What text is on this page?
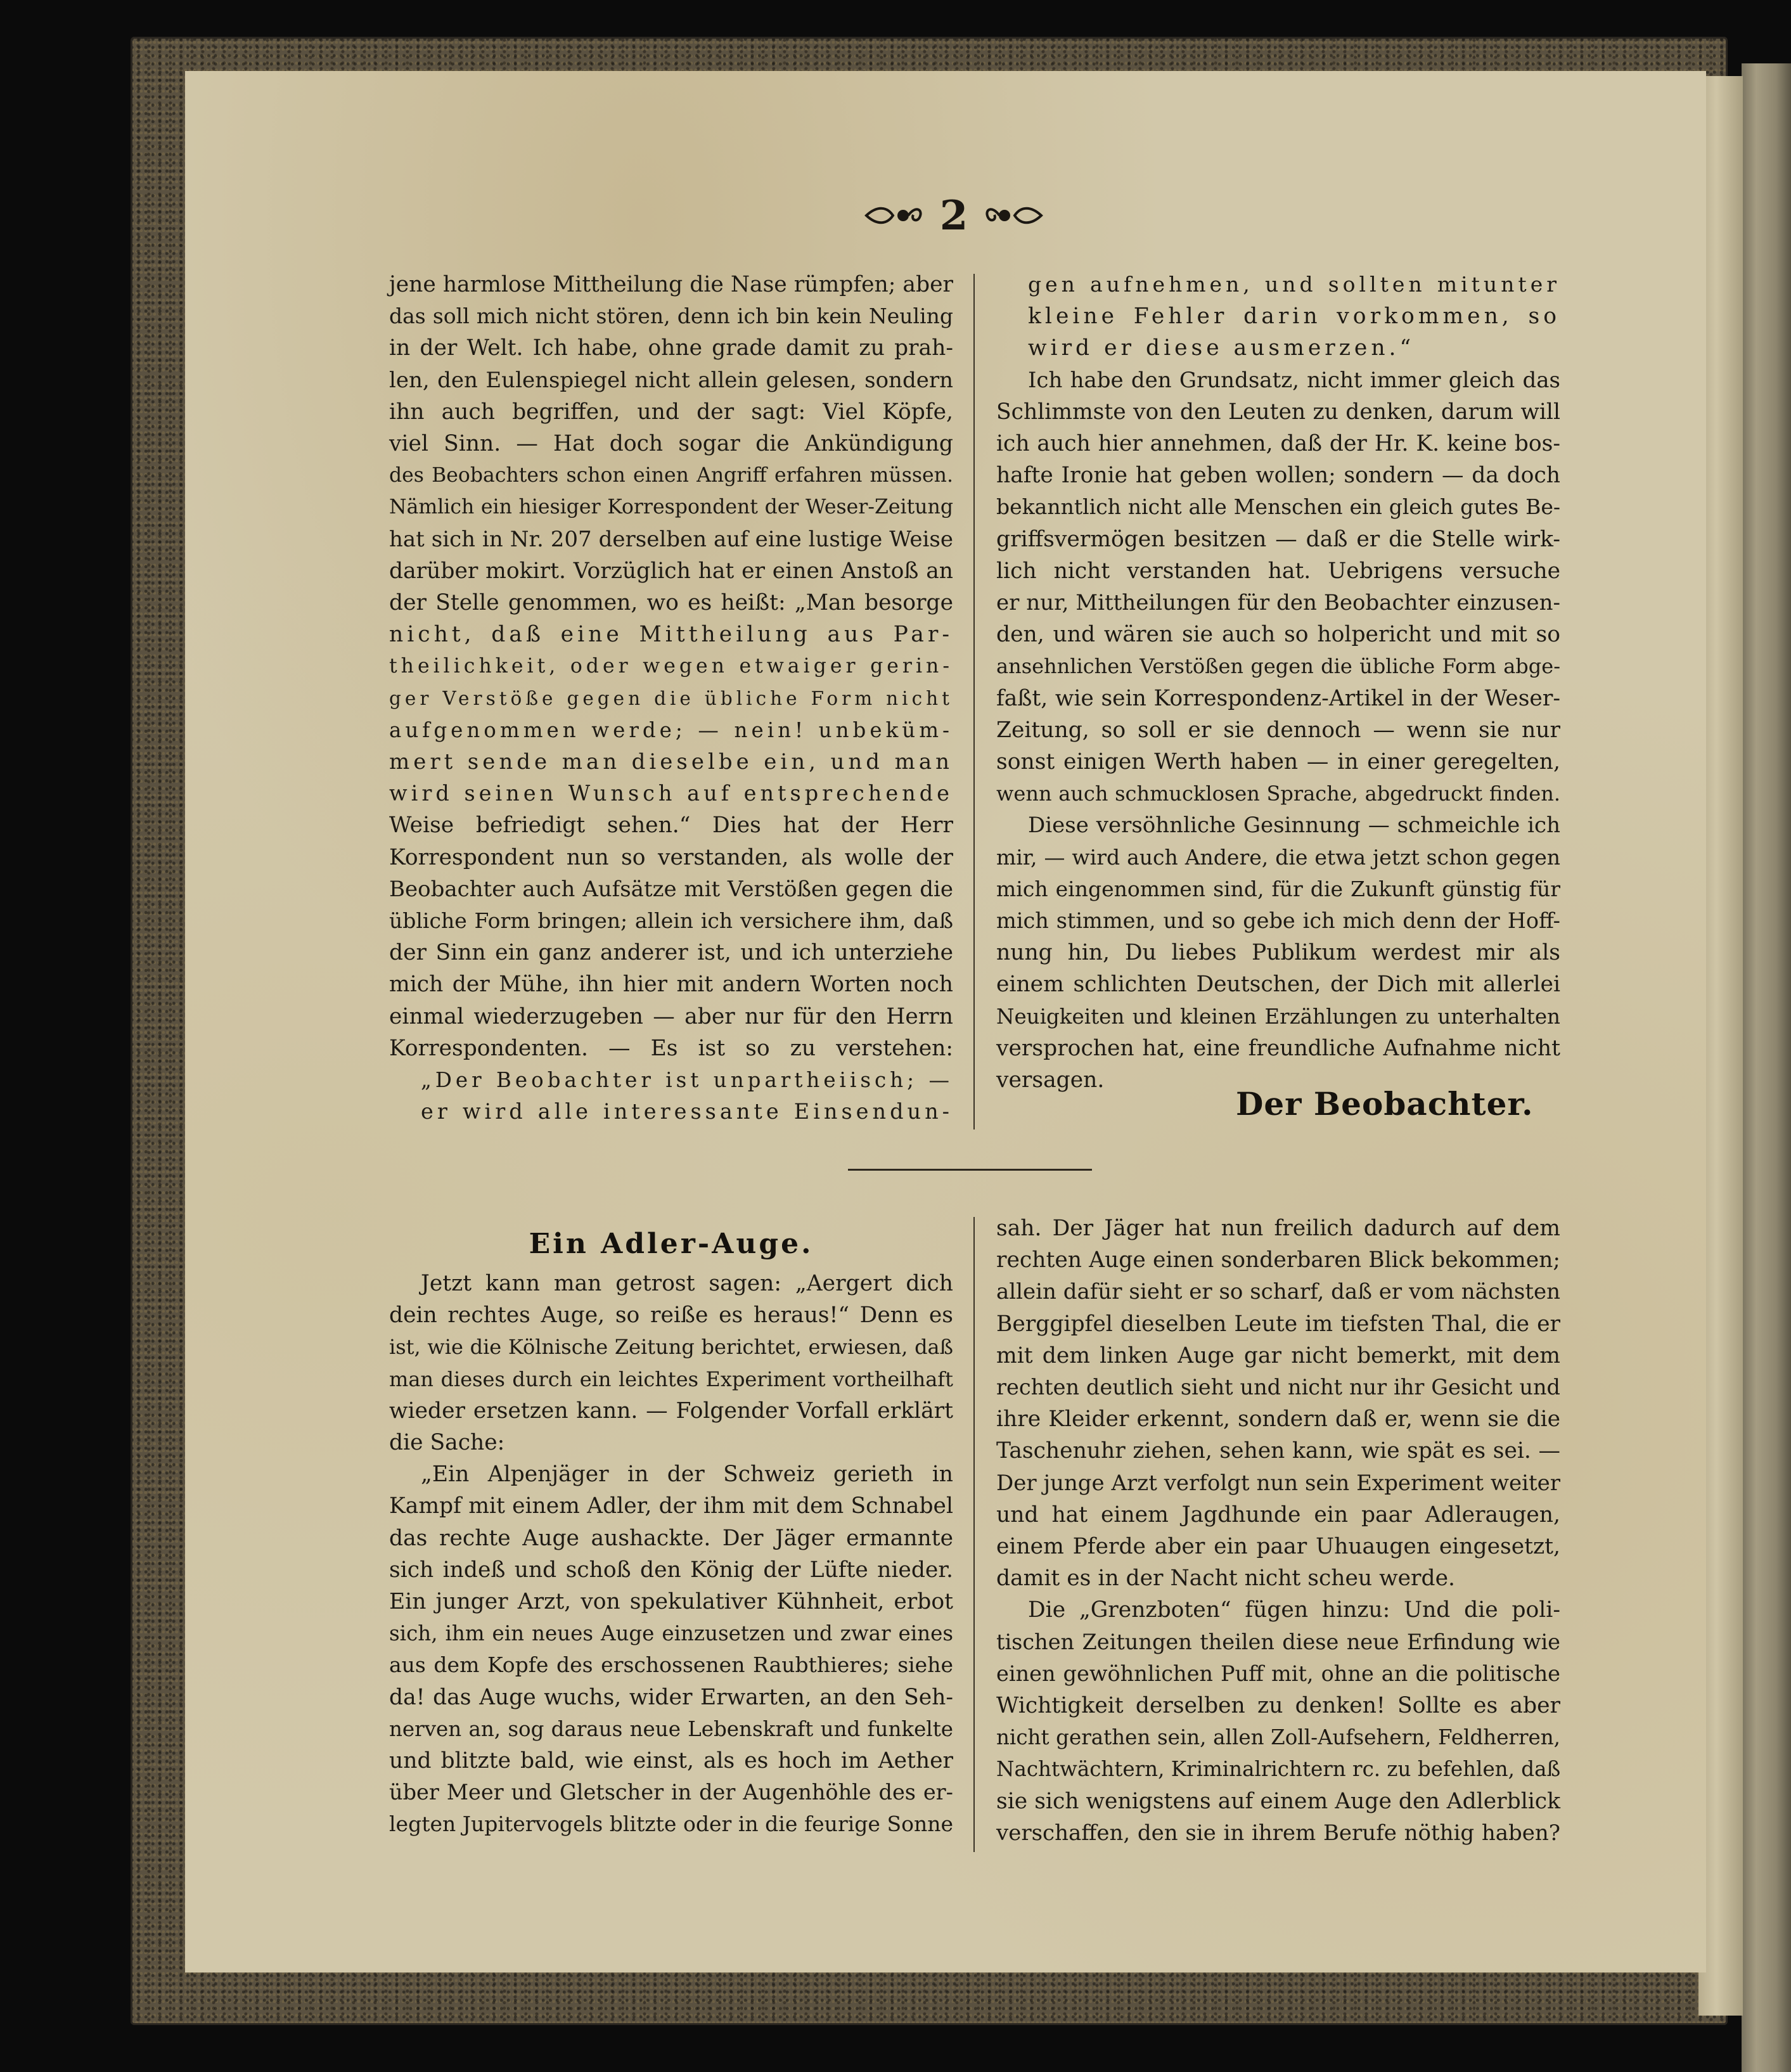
2

jene harmlose Mittheilung die Nase rümpfen; aber

das soll mich nicht stören, denn ich bin kein Neuling

in der Welt. Ich habe, ohne grade damit zu prah-

len, den Eulenspiegel nicht allein gelesen, sondern

ihn auch begriffen, und der sagt: Viel Köpfe,

viel Sinn. — Hat doch sogar die Ankündigung

des Beobachters schon einen Angriff erfahren müssen.

Nämlich ein hiesiger Korrespondent der Weser-Zeitung

hat sich in Nr. 207 derselben auf eine lustige Weise

darüber mokirt. Vorzüglich hat er einen Anstoß an

der Stelle genommen, wo es heißt: „Man besorge

nicht, daß eine Mittheilung aus Par-

theilichkeit, oder wegen etwaiger gerin-

ger Verstöße gegen die übliche Form nicht

aufgenommen werde; — nein! unbeküm-

mert sende man dieselbe ein, und man

wird seinen Wunsch auf entsprechende

Weise befriedigt sehen.“ Dies hat der Herr

Korrespondent nun so verstanden, als wolle der

Beobachter auch Aufsätze mit Verstößen gegen die

übliche Form bringen; allein ich versichere ihm, daß

der Sinn ein ganz anderer ist, und ich unterziehe

mich der Mühe, ihn hier mit andern Worten noch

einmal wiederzugeben — aber nur für den Herrn

Korrespondenten. — Es ist so zu verstehen:

„Der Beobachter ist unpartheiisch; —

er wird alle interessante Einsendun-

gen aufnehmen, und sollten mitunter

kleine Fehler darin vorkommen, so

wird er diese ausmerzen.“

Ich habe den Grundsatz, nicht immer gleich das

Schlimmste von den Leuten zu denken, darum will

ich auch hier annehmen, daß der Hr. K. keine bos-

hafte Ironie hat geben wollen; sondern — da doch

bekanntlich nicht alle Menschen ein gleich gutes Be-

griffsvermögen besitzen — daß er die Stelle wirk-

lich nicht verstanden hat. Uebrigens versuche

er nur, Mittheilungen für den Beobachter einzusen-

den, und wären sie auch so holpericht und mit so

ansehnlichen Verstößen gegen die übliche Form abge-

faßt, wie sein Korrespondenz-Artikel in der Weser-

Zeitung, so soll er sie dennoch — wenn sie nur

sonst einigen Werth haben — in einer geregelten,

wenn auch schmucklosen Sprache, abgedruckt finden.

Diese versöhnliche Gesinnung — schmeichle ich

mir, — wird auch Andere, die etwa jetzt schon gegen

mich eingenommen sind, für die Zukunft günstig für

mich stimmen, und so gebe ich mich denn der Hoff-

nung hin, Du liebes Publikum werdest mir als

einem schlichten Deutschen, der Dich mit allerlei

Neuigkeiten und kleinen Erzählungen zu unterhalten

versprochen hat, eine freundliche Aufnahme nicht

versagen.

Der Beobachter.
Ein Adler-Auge.

Jetzt kann man getrost sagen: „Aergert dich

dein rechtes Auge, so reiße es heraus!“ Denn es

ist, wie die Kölnische Zeitung berichtet, erwiesen, daß

man dieses durch ein leichtes Experiment vortheilhaft

wieder ersetzen kann. — Folgender Vorfall erklärt

die Sache:

„Ein Alpenjäger in der Schweiz gerieth in

Kampf mit einem Adler, der ihm mit dem Schnabel

das rechte Auge aushackte. Der Jäger ermannte

sich indeß und schoß den König der Lüfte nieder.

Ein junger Arzt, von spekulativer Kühnheit, erbot

sich, ihm ein neues Auge einzusetzen und zwar eines

aus dem Kopfe des erschossenen Raubthieres; siehe

da! das Auge wuchs, wider Erwarten, an den Seh-

nerven an, sog daraus neue Lebenskraft und funkelte

und blitzte bald, wie einst, als es hoch im Aether

über Meer und Gletscher in der Augenhöhle des er-

legten Jupitervogels blitzte oder in die feurige Sonne

sah. Der Jäger hat nun freilich dadurch auf dem

rechten Auge einen sonderbaren Blick bekommen;

allein dafür sieht er so scharf, daß er vom nächsten

Berggipfel dieselben Leute im tiefsten Thal, die er

mit dem linken Auge gar nicht bemerkt, mit dem

rechten deutlich sieht und nicht nur ihr Gesicht und

ihre Kleider erkennt, sondern daß er, wenn sie die

Taschenuhr ziehen, sehen kann, wie spät es sei. —

Der junge Arzt verfolgt nun sein Experiment weiter

und hat einem Jagdhunde ein paar Adleraugen,

einem Pferde aber ein paar Uhuaugen eingesetzt,

damit es in der Nacht nicht scheu werde.

Die „Grenzboten“ fügen hinzu: Und die poli-

tischen Zeitungen theilen diese neue Erfindung wie

einen gewöhnlichen Puff mit, ohne an die politische

Wichtigkeit derselben zu denken! Sollte es aber

nicht gerathen sein, allen Zoll-Aufsehern, Feldherren,

Nachtwächtern, Kriminalrichtern rc. zu befehlen, daß

sie sich wenigstens auf einem Auge den Adlerblick

verschaffen, den sie in ihrem Berufe nöthig haben?
